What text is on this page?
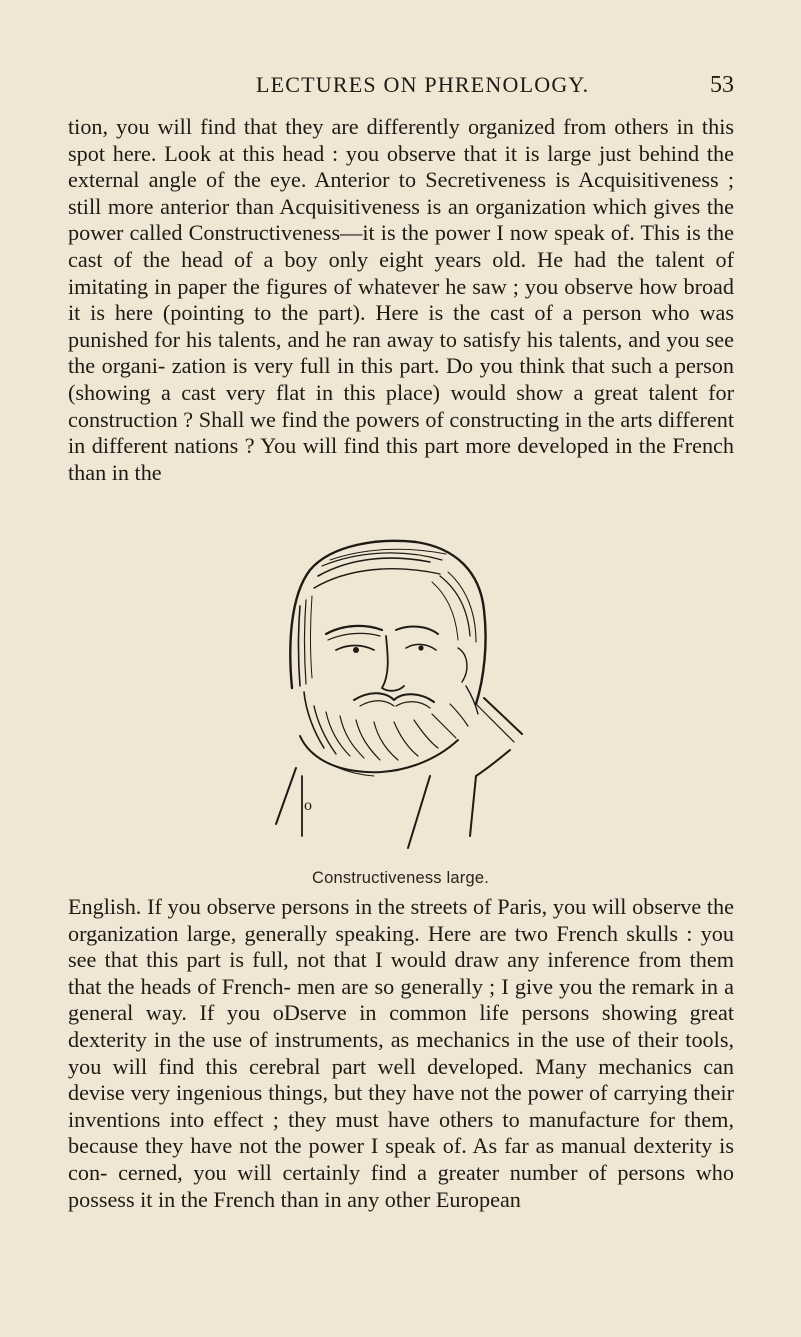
LECTURES ON PHRENOLOGY.	53
tion, you will find that they are differently organized from others in this spot here. Look at this head : you observe that it is large just behind the external angle of the eye. Anterior to Secretiveness is Acquisitiveness ; still more anterior than Acquisitiveness is an organization which gives the power called Constructiveness—it is the power I now speak of. This is the cast of the head of a boy only eight years old. He had the talent of imitating in paper the figures of whatever he saw ; you observe how broad it is here (pointing to the part). Here is the cast of a person who was punished for his talents, and he ran away to satisfy his talents, and you see the organi- zation is very full in this part. Do you think that such a person (showing a cast very flat in this place) would show a great talent for construction ? Shall we find the powers of constructing in the arts different in different nations ? You will find this part more developed in the French than in the
o
Constructiveness large.
English. If you observe persons in the streets of Paris, you will observe the organization large, generally speaking. Here are two French skulls : you see that this part is full, not that I would draw any inference from them that the heads of French- men are so generally ; I give you the remark in a general way. If you oDserve in common life persons showing great dexterity in the use of instruments, as mechanics in the use of their tools, you will find this cerebral part well developed. Many mechanics can devise very ingenious things, but they have not the power of carrying their inventions into effect ; they must have others to manufacture for them, because they have not the power I speak of. As far as manual dexterity is con- cerned, you will certainly find a greater number of persons who possess it in the French than in any other European
